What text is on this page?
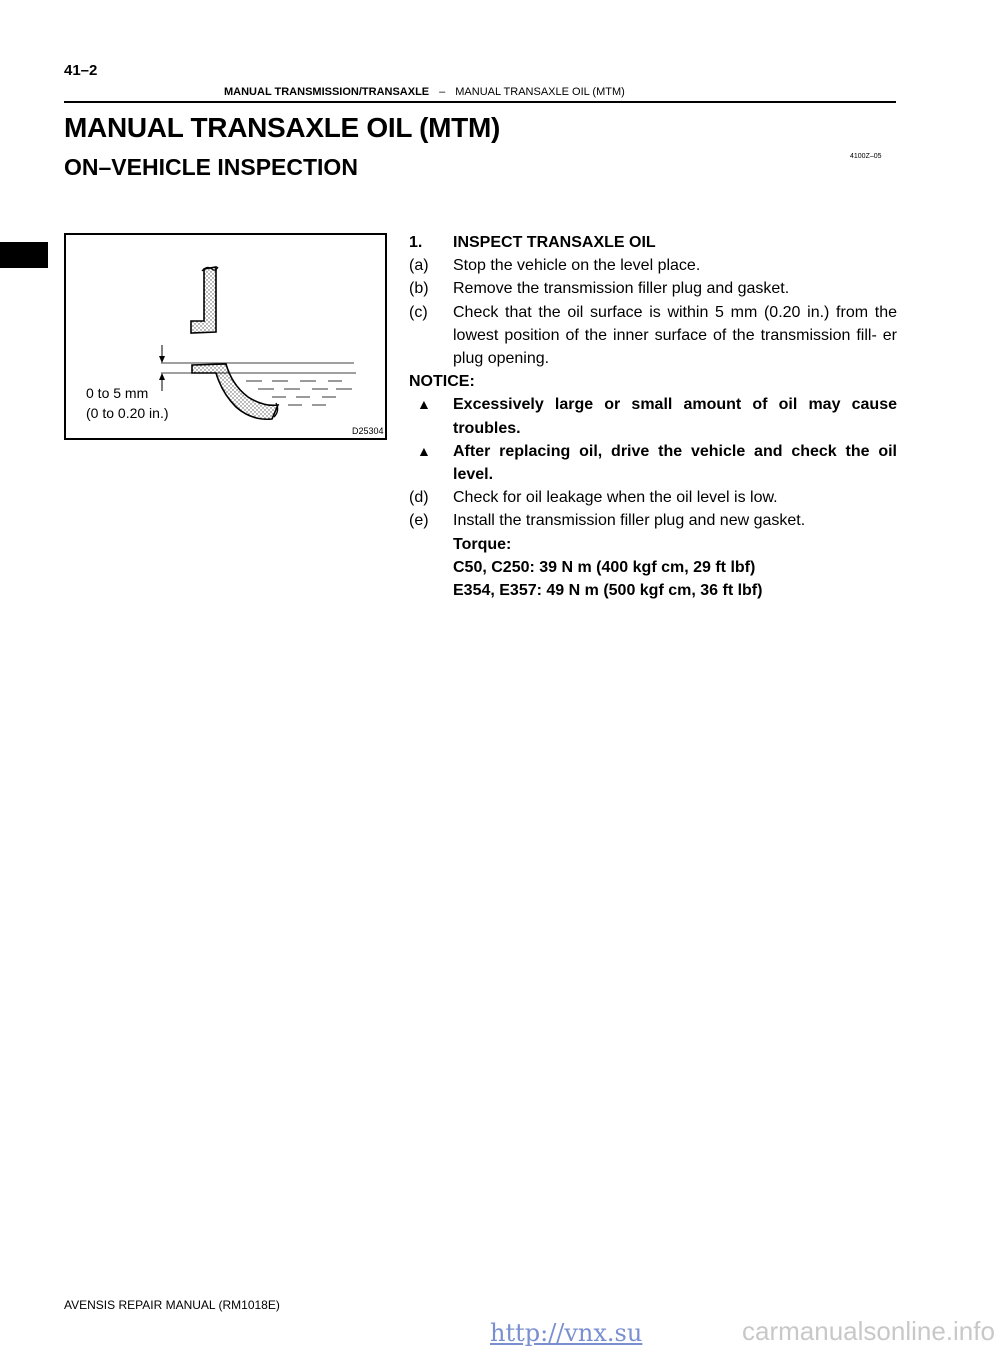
41–2
MANUAL TRANSMISSION/TRANSAXLE – MANUAL TRANSAXLE OIL (MTM)
MANUAL TRANSAXLE OIL (MTM)
ON–VEHICLE INSPECTION	4100Z–05
0 to 5 mm
(0 to 0.20 in.)
D25304
1.	INSPECT TRANSAXLE OIL
(a)	Stop the vehicle on the level place.
(b)	Remove the transmission filler plug and gasket.
(c)	Check that the oil surface is within 5 mm (0.20 in.) from the lowest position of the inner surface of the transmission fill- er plug opening.
NOTICE:
▲	Excessively large or small amount of oil may cause troubles.
▲	After replacing oil, drive the vehicle and check the oil level.
(d)	Check for oil leakage when the oil level is low.
(e)	Install the transmission filler plug and new gasket.
Torque:
C50, C250: 39 N m (400 kgf cm, 29 ft lbf)
E354, E357: 49 N m (500 kgf cm, 36 ft lbf)
AVENSIS REPAIR MANUAL (RM1018E)
http://vnx.su	carmanualsonline.info
